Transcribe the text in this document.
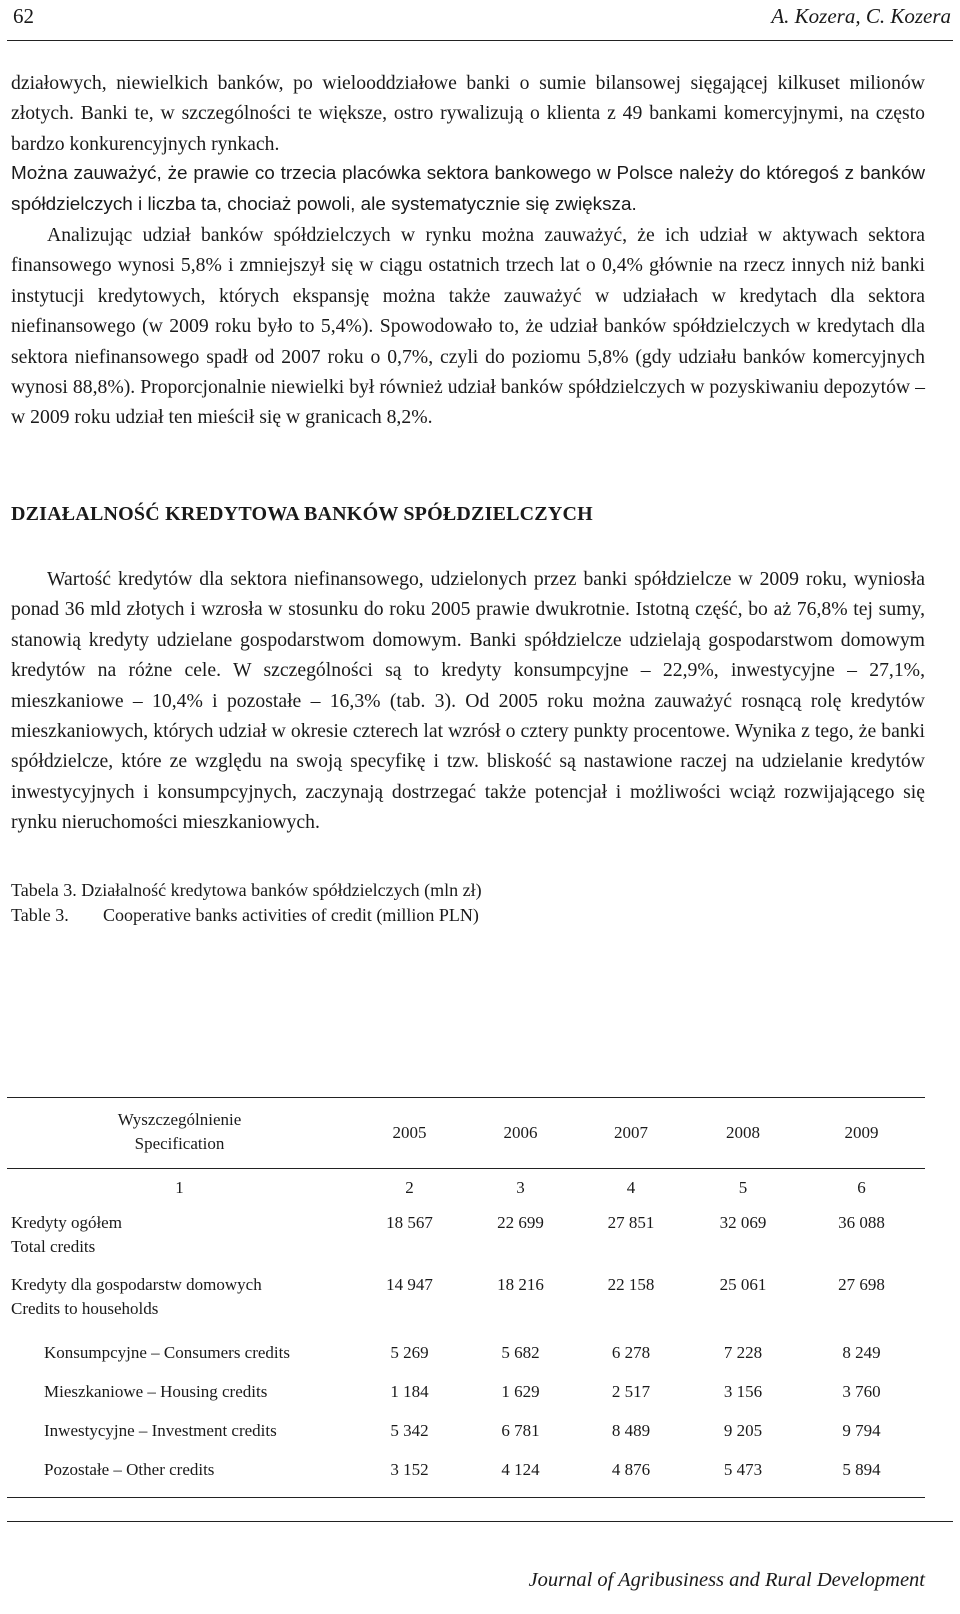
62	A. Kozera, C. Kozera

działowych, niewielkich banków, po wielooddziałowe banki o sumie bilansowej sięgającej kilkuset milionów złotych. Banki te, w szczególności te większe, ostro rywalizują o klienta z 49 bankami komercyjnymi, na często bardzo konkurencyjnych rynkach.

Można zauważyć, że prawie co trzecia placówka sektora bankowego w Polsce należy do któregoś z banków spółdzielczych i liczba ta, chociaż powoli, ale systematycznie się zwiększa.

Analizując udział banków spółdzielczych w rynku można zauważyć, że ich udział w aktywach sektora finansowego wynosi 5,8% i zmniejszył się w ciągu ostatnich trzech lat o 0,4% głównie na rzecz innych niż banki instytucji kredytowych, których ekspansję można także zauważyć w udziałach w kredytach dla sektora niefinansowego (w 2009 roku było to 5,4%). Spowodowało to, że udział banków spółdzielczych w kredytach dla sektora niefinansowego spadł od 2007 roku o 0,7%, czyli do poziomu 5,8% (gdy udziału banków komercyjnych wynosi 88,8%). Proporcjonalnie niewielki był również udział banków spółdzielczych w pozyskiwaniu depozytów – w 2009 roku udział ten mieścił się w granicach 8,2%.

DZIAŁALNOŚĆ KREDYTOWA BANKÓW SPÓŁDZIELCZYCH

Wartość kredytów dla sektora niefinansowego, udzielonych przez banki spółdzielcze w 2009 roku, wyniosła ponad 36 mld złotych i wzrosła w stosunku do roku 2005 prawie dwukrotnie. Istotną część, bo aż 76,8% tej sumy, stanowią kredyty udzielane gospodarstwom domowym. Banki spółdzielcze udzielają gospodarstwom domowym kredytów na różne cele. W szczególności są to kredyty konsumpcyjne – 22,9%, inwestycyjne – 27,1%, mieszkaniowe – 10,4% i pozostałe – 16,3% (tab. 3). Od 2005 roku można zauważyć rosnącą rolę kredytów mieszkaniowych, których udział w okresie czterech lat wzrósł o cztery punkty procentowe. Wynika z tego, że banki spółdzielcze, które ze względu na swoją specyfikę i tzw. bliskość są nastawione raczej na udzielanie kredytów inwestycyjnych i konsumpcyjnych, zaczynają dostrzegać także potencjał i możliwości wciąż rozwijającego się rynku nieruchomości mieszkaniowych.

Tabela 3. Działalność kredytowa banków spółdzielczych (mln zł)
Table 3. Cooperative banks activities of credit (million PLN)
Wyszczególnienie
Specification	2005	2006	2007	2008	2009
1	2	3	4	5	6

Kredyty ogółem
Total credits	18 567	22 699	27 851	32 069	36 088

Kredyty dla gospodarstw domowych
Credits to households	14 947	18 216	22 158	25 061	27 698
Konsumpcyjne – Consumers credits	5 269	5 682	6 278	7 228	8 249
Mieszkaniowe – Housing credits	1 184	1 629	2 517	3 156	3 760
Inwestycyjne – Investment credits	5 342	6 781	8 489	9 205	9 794
Pozostałe – Other credits	3 152	4 124	4 876	5 473	5 894
Journal of Agribusiness and Rural Development
